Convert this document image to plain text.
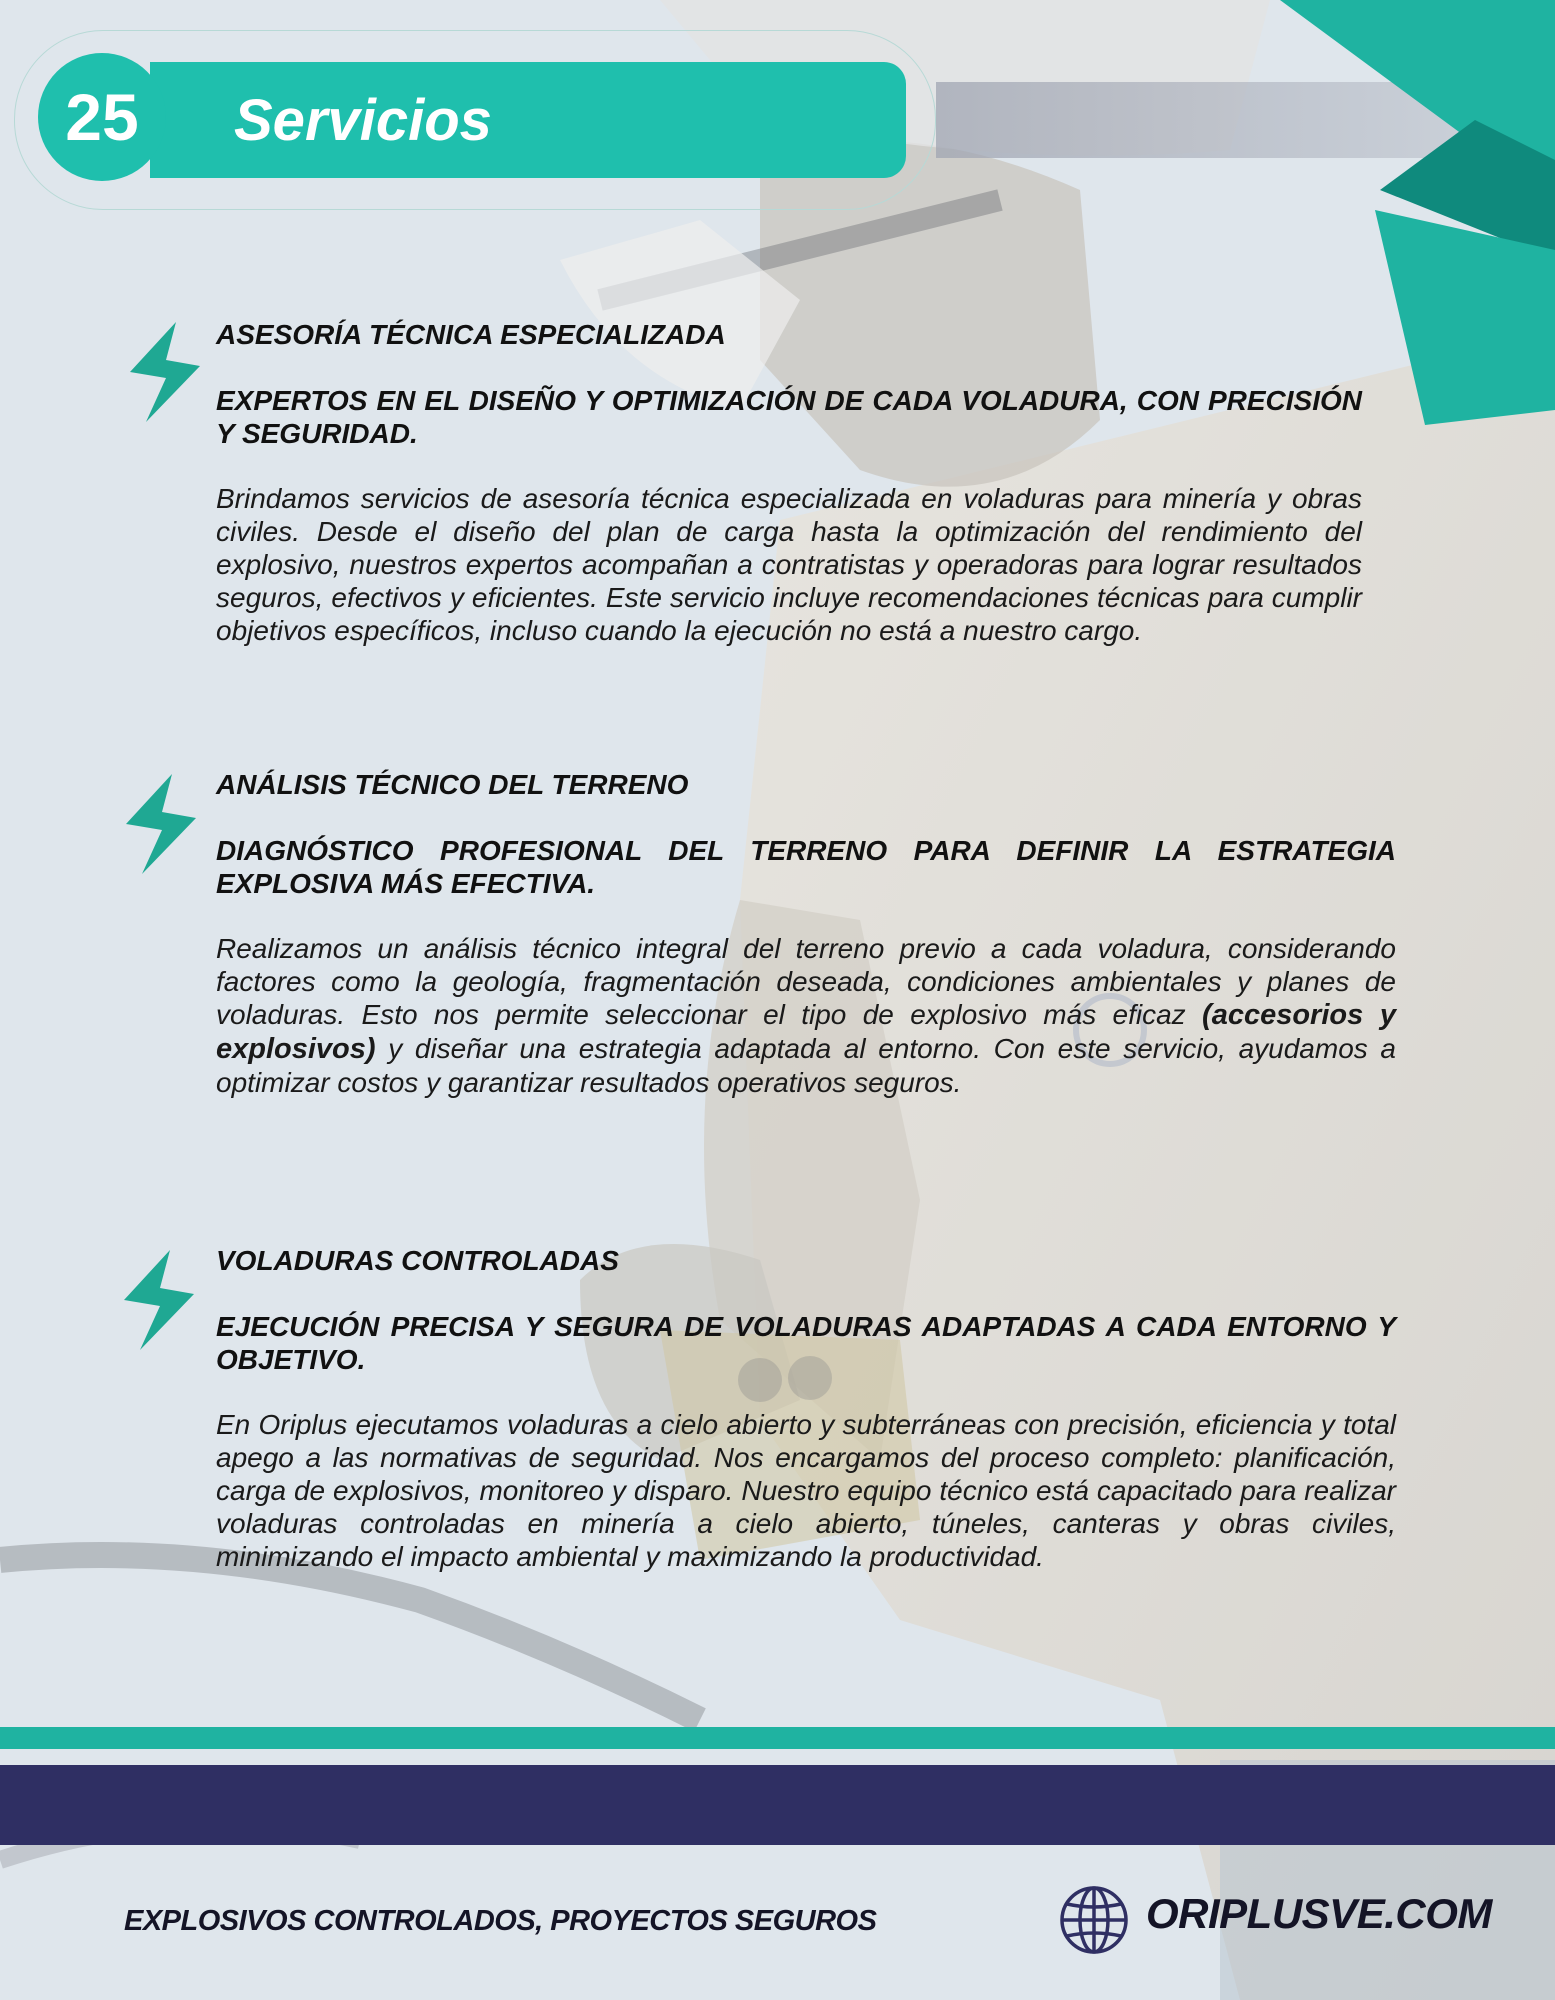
25	Servicios
ASESORÍA TÉCNICA ESPECIALIZADA

EXPERTOS EN EL DISEÑO Y OPTIMIZACIÓN DE CADA VOLADURA, CON PRECISIÓN Y SEGURIDAD.

Brindamos servicios de asesoría técnica especializada en voladuras para minería y obras civiles. Desde el diseño del plan de carga hasta la optimización del rendimiento del explosivo, nuestros expertos acompañan a contratistas y operadoras para lograr resultados seguros, efectivos y eficientes. Este servicio incluye recomendaciones técnicas para cumplir objetivos específicos, incluso cuando la ejecución no está a nuestro cargo.

ANÁLISIS TÉCNICO DEL TERRENO

DIAGNÓSTICO PROFESIONAL DEL TERRENO PARA DEFINIR LA ESTRATEGIA EXPLOSIVA MÁS EFECTIVA.

Realizamos un análisis técnico integral del terreno previo a cada voladura, considerando factores como la geología, fragmentación deseada, condiciones ambientales y planes de voladuras. Esto nos permite seleccionar el tipo de explosivo más eficaz (accesorios y explosivos) y diseñar una estrategia adaptada al entorno. Con este servicio, ayudamos a optimizar costos y garantizar resultados operativos seguros.

VOLADURAS CONTROLADAS

EJECUCIÓN PRECISA Y SEGURA DE VOLADURAS ADAPTADAS A CADA ENTORNO Y OBJETIVO.

En Oriplus ejecutamos voladuras a cielo abierto y subterráneas con precisión, eficiencia y total apego a las normativas de seguridad. Nos encargamos del proceso completo: planificación, carga de explosivos, monitoreo y disparo. Nuestro equipo técnico está capacitado para realizar voladuras controladas en minería a cielo abierto, túneles, canteras y obras civiles, minimizando el impacto ambiental y maximizando la productividad.

EXPLOSIVOS CONTROLADOS, PROYECTOS SEGUROS	ORIPLUSVE.COM
